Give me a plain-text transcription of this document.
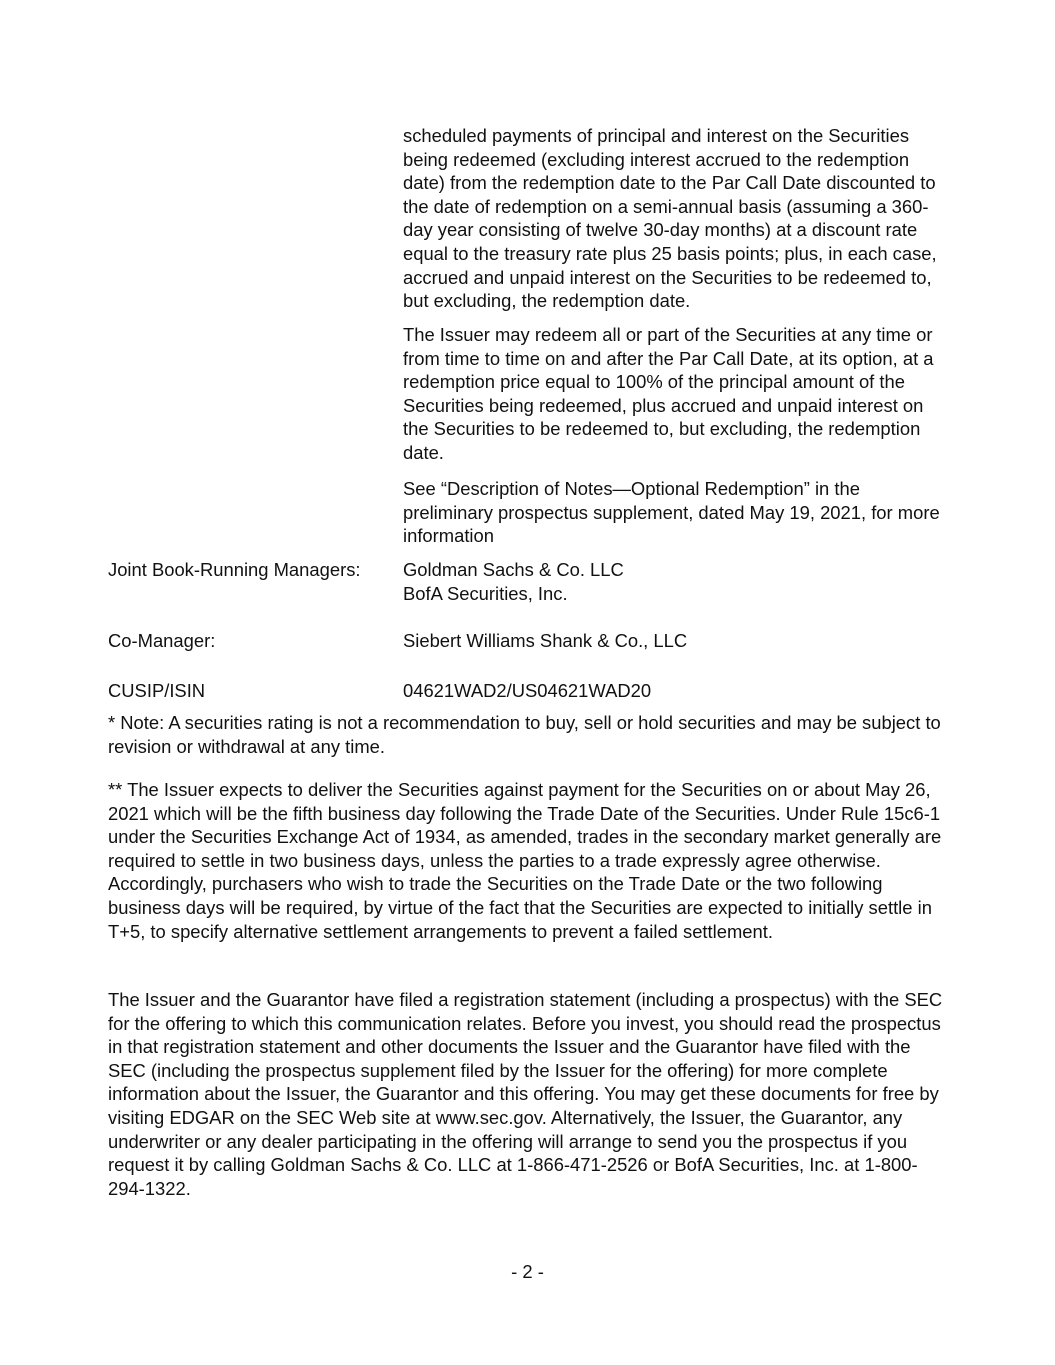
scheduled payments of principal and interest on the Securities being redeemed (excluding interest accrued to the redemption date) from the redemption date to the Par Call Date discounted to the date of redemption on a semi-annual basis (assuming a 360-day year consisting of twelve 30-day months) at a discount rate equal to the treasury rate plus 25 basis points; plus, in each case, accrued and unpaid interest on the Securities to be redeemed to, but excluding, the redemption date.

The Issuer may redeem all or part of the Securities at any time or from time to time on and after the Par Call Date, at its option, at a redemption price equal to 100% of the principal amount of the Securities being redeemed, plus accrued and unpaid interest on the Securities to be redeemed to, but excluding, the redemption date.

See “Description of Notes—Optional Redemption” in the preliminary prospectus supplement, dated May 19, 2021, for more information

Joint Book-Running Managers: Goldman Sachs & Co. LLC
BofA Securities, Inc.
Co-Manager:	Siebert Williams Shank & Co., LLC
CUSIP/ISIN	04621WAD2/US04621WAD20

* Note: A securities rating is not a recommendation to buy, sell or hold securities and may be subject to revision or withdrawal at any time.

** The Issuer expects to deliver the Securities against payment for the Securities on or about May 26, 2021 which will be the fifth business day following the Trade Date of the Securities. Under Rule 15c6-1 under the Securities Exchange Act of 1934, as amended, trades in the secondary market generally are required to settle in two business days, unless the parties to a trade expressly agree otherwise. Accordingly, purchasers who wish to trade the Securities on the Trade Date or the two following business days will be required, by virtue of the fact that the Securities are expected to initially settle in T+5, to specify alternative settlement arrangements to prevent a failed settlement.

The Issuer and the Guarantor have filed a registration statement (including a prospectus) with the SEC for the offering to which this communication relates. Before you invest, you should read the prospectus in that registration statement and other documents the Issuer and the Guarantor have filed with the SEC (including the prospectus supplement filed by the Issuer for the offering) for more complete information about the Issuer, the Guarantor and this offering. You may get these documents for free by visiting EDGAR on the SEC Web site at www.sec.gov. Alternatively, the Issuer, the Guarantor, any underwriter or any dealer participating in the offering will arrange to send you the prospectus if you request it by calling Goldman Sachs & Co. LLC at 1-866-471-2526 or BofA Securities, Inc. at 1-800-294-1322.

- 2 -
